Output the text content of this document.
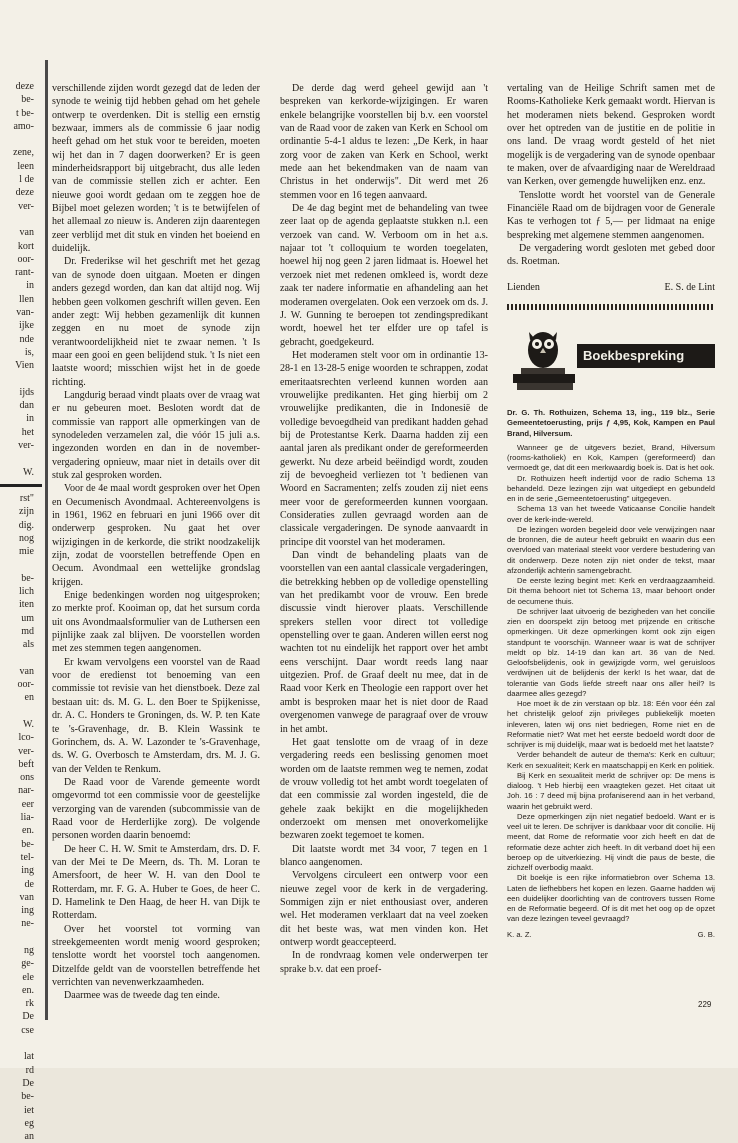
deze
be-
t be-
amo-

zene,
leen
l de
deze
ver-

van
kort
oor-
rant-
in
llen
van-
ijke
nde
is,
Vien

ijds
dan
in
het
ver-

W.
rst"
zijn
dig.
nog
mie

be-
lich
iten
um
md
als

van
oor-
en

W.
lco-
ver-
beft
ons
nar-
eer
lia-
en.
be-
tel-
ing
de
van
ing
ne-

ng
ge-
ele
en.
rk
De
cse

lat
rd
De
be-
iet
eg
an

verschillende zijden wordt gezegd dat de leden der synode te weinig tijd hebben gehad om het gehele ontwerp te overdenken. Dit is stellig een ernstig bezwaar, immers als de commissie 6 jaar nodig heeft gehad om het stuk voor te bereiden, moeten wij het dan in 7 dagen doorwerken? Er is geen minderheidsrapport bij uitgebracht, dus alle leden van de commissie stellen zich er achter. Een nieuwe gooi wordt gedaan om te zeggen hoe de Bijbel moet gelezen worden; 't is te betwijfelen of het allemaal zo nieuw is. Anderen zijn daarentegen zeer verblijd met dit stuk en vinden het boeiend en duidelijk.

Dr. Frederikse wil het geschrift met het gezag van de synode doen uitgaan. Moeten er dingen anders gezegd worden, dan kan dat altijd nog. Wij hebben geen volkomen geschrift willen geven. Een ander zegt: Wij hebben gezamenlijk dit kunnen zeggen en nu moet de synode zijn verantwoordelijkheid niet te zwaar nemen. 't Is maar een gooi en geen belijdend stuk. 't Is niet een laatste woord; misschien wijst het in de goede richting.

Langdurig beraad vindt plaats over de vraag wat er nu gebeuren moet. Besloten wordt dat de commissie van rapport alle opmerkingen van de synodeleden verzamelen zal, die vóór 15 juli a.s. ingezonden worden en dan in de november-vergadering opnieuw, maar niet in details over dit stuk zal gesproken worden.

Voor de 4e maal wordt gesproken over het Open en Oecumenisch Avondmaal. Achtereenvolgens is in 1961, 1962 en februari en juni 1966 over dit onderwerp gesproken. Nu gaat het over wijzigingen in de kerkorde, die strikt noodzakelijk zijn, zodat de voorstellen betreffende Open en Oecum. Avondmaal een wettelijke grondslag krijgen.

Enige bedenkingen worden nog uitgesproken; zo merkte prof. Kooiman op, dat het sursum corda uit ons Avondmaalsformulier van de Luthersen een pijnlijke zaak zal blijven. De voorstellen worden met zes stemmen tegen aangenomen.

Er kwam vervolgens een voorstel van de Raad voor de eredienst tot benoeming van een commissie tot revisie van het dienstboek. Deze zal bestaan uit: ds. M. G. L. den Boer te Spijkenisse, dr. A. C. Honders te Groningen, ds. W. P. ten Kate te 's-Gravenhage, dr. B. Klein Wassink te Gorinchem, ds. A. W. Lazonder te 's-Gravenhage, ds. W. G. Overbosch te Amsterdam, drs. M. J. G. van der Velden te Renkum.

De Raad voor de Varende gemeente wordt omgevormd tot een commissie voor de geestelijke verzorging van de varenden (subcommissie van de Raad voor de Herderlijke zorg). De volgende personen worden daarin benoemd:

De heer C. H. W. Smit te Amsterdam, drs. D. F. van der Mei te De Meern, ds. Th. M. Loran te Amersfoort, de heer W. H. van den Dool te Rotterdam, mr. F. G. A. Huber te Goes, de heer C. D. Hamelink te Den Haag, de heer H. van Dijk te Rotterdam.

Over het voorstel tot vorming van streekgemeenten wordt menig woord gesproken; tenslotte wordt het voorstel toch aangenomen. Ditzelfde geldt van de voorstellen betreffende het verrichten van nevenwerkzaamheden.

Daarmee was de tweede dag ten einde.

De derde dag werd geheel gewijd aan 't bespreken van kerkorde-wijzigingen. Er waren enkele belangrijke voorstellen bij b.v. een voorstel van de Raad voor de zaken van Kerk en School om ordinantie 5-4-1 aldus te lezen: „De Kerk, in haar zorg voor de zaken van Kerk en School, werkt mede aan het bekendmaken van de naam van Christus in het onderwijs". Dit werd met 26 stemmen voor en 16 tegen aanvaard.

De 4e dag begint met de behandeling van twee zeer laat op de agenda geplaatste stukken n.l. een verzoek van cand. W. Verboom om in het a.s. najaar tot 't colloquium te worden toegelaten, hoewel hij nog geen 2 jaren lidmaat is. Hoewel het verzoek niet met redenen omkleed is, wordt deze zaak ter nadere informatie en afhandeling aan het moderamen overgelaten. Ook een verzoek om ds. J. J. W. Gunning te beroepen tot zendingspredikant wordt, hoewel het ter elfder ure op tafel is gebracht, goedgekeurd.

Het moderamen stelt voor om in ordinantie 13-28-1 en 13-28-5 enige woorden te schrappen, zodat emeritaatsrechten verleend kunnen worden aan vrouwelijke predikanten. Het ging hierbij om 2 vrouwelijke predikanten, die in Indonesië de volledige bevoegdheid van predikant hadden gehad bij de Protestantse Kerk. Daarna hadden zij een aantal jaren als predikant onder de gereformeerden gewerkt. Nu deze arbeid beëindigd wordt, zouden zij de bevoegheid verliezen tot 't bedienen van Woord en Sacramenten; zelfs zouden zij niet eens meer voor de gereformeerden kunnen voorgaan. Consideraties zullen gevraagd worden aan de classicale vergaderingen. De synode aanvaardt in principe dit voorstel van het moderamen.

Dan vindt de behandeling plaats van de voorstellen van een aantal classicale vergaderingen, die betrekking hebben op de volledige openstelling van het predikambt voor de vrouw. Een brede discussie vindt hierover plaats. Verschillende sprekers stellen voor direct tot volledige openstelling over te gaan. Anderen willen eerst nog wachten tot nu eindelijk het rapport over het ambt eens verschijnt. Daar wordt reeds lang naar uitgezien. Prof. de Graaf deelt nu mee, dat in de Raad voor Kerk en Theologie een rapport over het ambt is besproken maar het is niet door de Raad overgenomen vanwege de paragraaf over de vrouw in het ambt.

Het gaat tenslotte om de vraag of in deze vergadering reeds een beslissing genomen moet worden om de laatste remmen weg te nemen, zodat de vrouw volledig tot het ambt wordt toegelaten of dat een commissie zal worden ingesteld, die de gehele zaak bekijkt en die mogelijkheden onderzoekt om mensen met onoverkomelijke bezwaren zoekt tegemoet te komen.

Dit laatste wordt met 34 voor, 7 tegen en 1 blanco aangenomen.

Vervolgens circuleert een ontwerp voor een nieuwe zegel voor de kerk in de vergadering. Sommigen zijn er niet enthousiast over, anderen wel. Het moderamen verklaart dat na veel zoeken dit het beste was, wat men vinden kon. Het ontwerp wordt geaccepteerd.

In de rondvraag komen vele onderwerpen ter sprake b.v. dat een proef-

vertaling van de Heilige Schrift samen met de Rooms-Katholieke Kerk gemaakt wordt. Hiervan is het moderamen niets bekend. Gesproken wordt over het optreden van de justitie en de politie in ons land. De vraag wordt gesteld of het niet mogelijk is de vergadering van de synode openbaar te maken, over de afvaardiging naar de Wereldraad van Kerken, over gemengde huwelijken enz. enz.

Tenslotte wordt het voorstel van de Generale Financiële Raad om de bijdragen voor de Generale Kas te verhogen tot ƒ 5,— per lidmaat na enige bespreking met algemene stemmen aangenomen.

De vergadering wordt gesloten met gebed door ds. Roetman.

Lienden	E. S. de Lint
Boekbespreking

Dr. G. Th. Rothuizen, Schema 13, ing., 119 blz., Serie Gemeentetoerusting, prijs ƒ 4,95, Kok, Kampen en Paul Brand, Hilversum.

Wanneer ge de uitgevers beziet, Brand, Hilversum (rooms-katholiek) en Kok, Kampen (gereformeerd) dan vermoedt ge, dat dit een merkwaardig boek is. Dat is het ook.

Dr. Rothuizen heeft indertijd voor de radio Schema 13 behandeld. Deze lezingen zijn wat uitgediept en gebundeld en in de serie „Gemeentetoerusting" uitgegeven.

Schema 13 van het tweede Vaticaanse Concilie handelt over de kerk-inde-wereld.

De lezingen worden begeleid door vele verwijzingen naar de bronnen, die de auteur heeft gebruikt en waarin dus een overvloed van materiaal steekt voor verdere bestudering van dit onderwerp. Deze noten zijn niet onder de tekst, maar afzonderlijk achterin samengebracht.

De eerste lezing begint met: Kerk en verdraagzaamheid. Dit thema behoort niet tot Schema 13, maar behoort onder de oecumene thuis.

De schrijver laat uitvoerig de bezigheden van het concilie zien en doorspekt zijn betoog met prijzende en critische opmerkingen. Uit deze opmerkingen komt ook zijn eigen standpunt te voorschijn. Wanneer waar is wat de schrijver meldt op blz. 14-19 dan kan art. 36 van de Ned. Geloofsbelijdenis, ook in gewijzigde vorm, wel geruisloos verdwijnen uit de belijdenis der kerk! Is het waar, dat de tolerantie van Gods liefde streeft naar ons aller heil? Is daarmee alles gezegd?

Hoe moet ik de zin verstaan op blz. 18: Eén voor één zal het christelijk geloof zijn privileges publiekelijk moeten inleveren, laten wij ons niet bedriegen, Rome niet en de Reformatie niet? Wat met het eerste bedoeld wordt door de schrijver is mij duidelijk, maar wat is bedoeld met het laatste?

Verder behandelt de auteur de thema's: Kerk en cultuur; Kerk en sexualiteit; Kerk en maatschappij en Kerk en politiek.

Bij Kerk en sexualiteit merkt de schrijver op: De mens is dialoog. 't Heb hierbij een vraagteken gezet. Het citaat uit Joh. 16 : 7 deed mij bijna profaniserend aan in het verband, waarin het gebruikt werd.

Deze opmerkingen zijn niet negatief bedoeld. Want er is veel uit te leren. De schrijver is dankbaar voor dit concilie. Hij meent, dat Rome de reformatie voor zich heeft en dat de reformatie deze achter zich heeft. In dit verband doet hij een beroep op de uitverkiezing. Hij vindt die paus de beste, die zichzelf overbodig maakt.

Dit boekje is een rijke informatiebron over Schema 13. Laten de liefhebbers het kopen en lezen. Gaarne hadden wij een duidelijker doorlichting van de controvers tussen Rome en de Reformatie begeerd. Of is dit met het oog op de opzet van deze lezingen teveel gevraagd?

K. a. Z.	G. B.

229
